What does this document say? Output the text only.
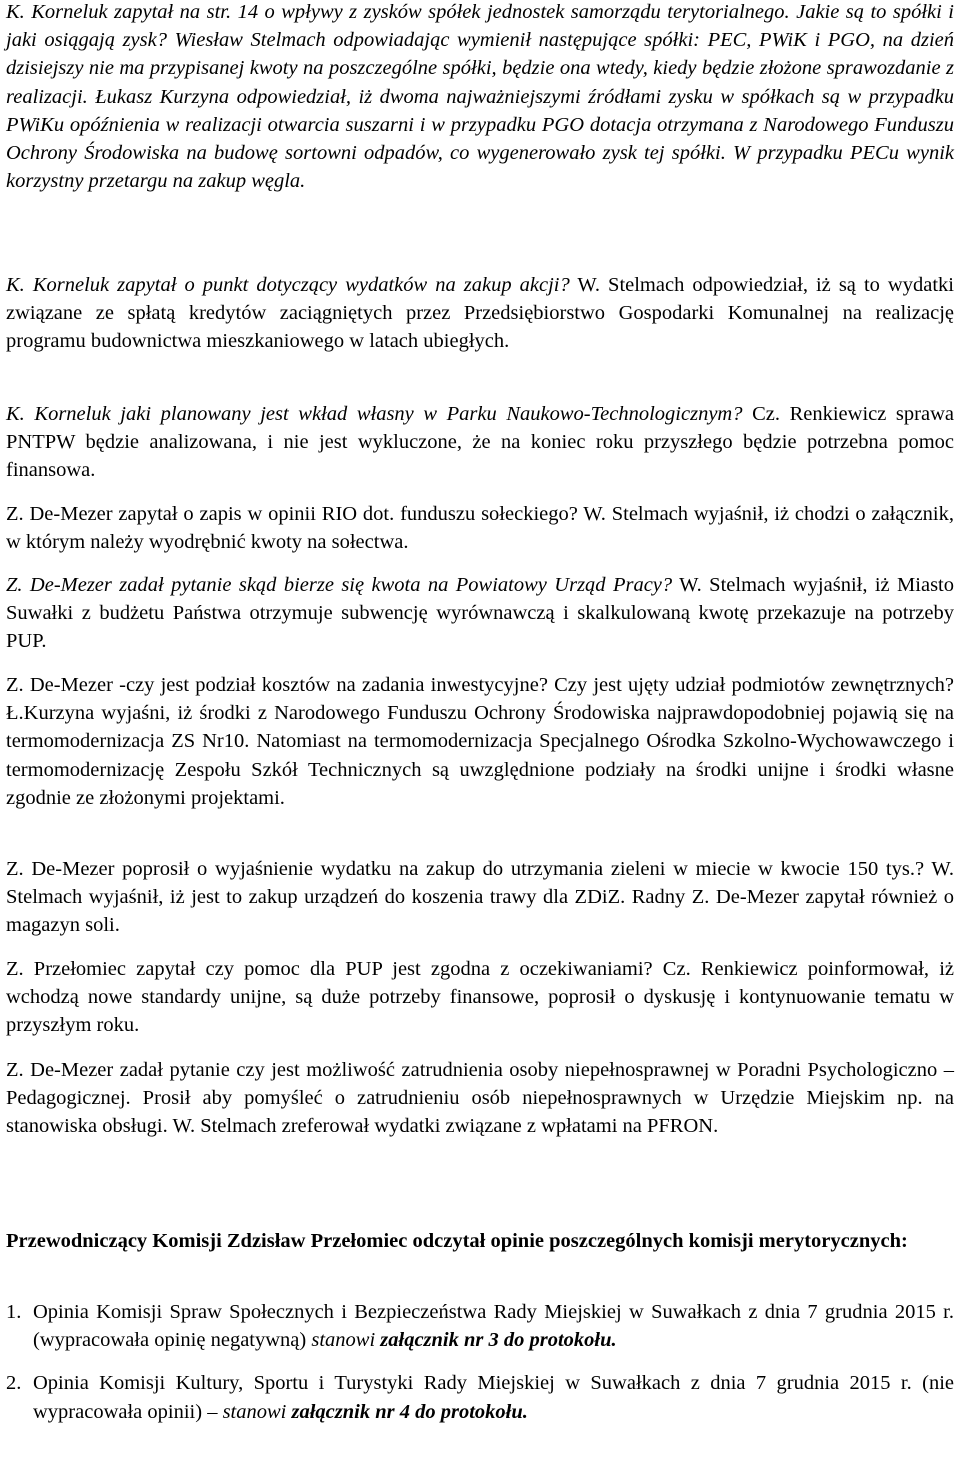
K. Korneluk zapytał na str. 14 o wpływy z zysków spółek jednostek samorządu terytorialnego. Jakie są to spółki i jaki osiągają zysk? Wiesław Stelmach odpowiadając wymienił następujące spółki: PEC, PWiK i PGO, na dzień dzisiejszy nie ma przypisanej kwoty na poszczególne spółki, będzie ona wtedy, kiedy będzie złożone sprawozdanie z realizacji. Łukasz Kurzyna odpowiedział, iż dwoma najważniejszymi źródłami zysku w spółkach są w przypadku PWiKu opóźnienia w realizacji otwarcia suszarni i w przypadku PGO dotacja otrzymana z Narodowego Funduszu Ochrony Środowiska na budowę sortowni odpadów, co wygenerowało zysk tej spółki. W przypadku PECu wynik korzystny przetargu na zakup węgla.

K. Korneluk zapytał o punkt dotyczący wydatków na zakup akcji? W. Stelmach odpowiedział, iż są to wydatki związane ze spłatą kredytów zaciągniętych przez Przedsiębiorstwo Gospodarki Komunalnej na realizację programu budownictwa mieszkaniowego w latach ubiegłych.

K. Korneluk jaki planowany jest wkład własny w Parku Naukowo-Technologicznym? Cz. Renkiewicz sprawa PNTPW będzie analizowana, i nie jest wykluczone, że na koniec roku przyszłego będzie potrzebna pomoc finansowa.

Z. De-Mezer zapytał o zapis w opinii RIO dot. funduszu sołeckiego? W. Stelmach wyjaśnił, iż chodzi o załącznik, w którym należy wyodrębnić kwoty na sołectwa.

Z. De-Mezer zadał pytanie skąd bierze się kwota na Powiatowy Urząd Pracy? W. Stelmach wyjaśnił, iż Miasto Suwałki z budżetu Państwa otrzymuje subwencję wyrównawczą i skalkulowaną kwotę przekazuje na potrzeby PUP.

Z. De-Mezer -czy jest podział kosztów na zadania inwestycyjne? Czy jest ujęty udział podmiotów zewnętrznych? Ł.Kurzyna wyjaśni, iż środki z Narodowego Funduszu Ochrony Środowiska najprawdopodobniej pojawią się na termomodernizacja ZS Nr10. Natomiast na termomodernizacja Specjalnego Ośrodka Szkolno-Wychowawczego i termomodernizację Zespołu Szkół Technicznych są uwzględnione podziały na środki unijne i środki własne zgodnie ze złożonymi projektami.

Z. De-Mezer poprosił o wyjaśnienie wydatku na zakup do utrzymania zieleni w miecie w kwocie 150 tys.? W. Stelmach wyjaśnił, iż jest to zakup urządzeń do koszenia trawy dla ZDiZ. Radny Z. De-Mezer zapytał również o magazyn soli.

Z. Przełomiec zapytał czy pomoc dla PUP jest zgodna z oczekiwaniami? Cz. Renkiewicz poinformował, iż wchodzą nowe standardy unijne, są duże potrzeby finansowe, poprosił o dyskusję i kontynuowanie tematu w przyszłym roku.

Z. De-Mezer zadał pytanie czy jest możliwość zatrudnienia osoby niepełnosprawnej w Poradni Psychologiczno – Pedagogicznej. Prosił aby pomyśleć o zatrudnieniu osób niepełnosprawnych w Urzędzie Miejskim np. na stanowiska obsługi. W. Stelmach zreferował wydatki związane z wpłatami na PFRON.

Przewodniczący Komisji Zdzisław Przełomiec odczytał opinie poszczególnych komisji merytorycznych:

1. Opinia Komisji Spraw Społecznych i Bezpieczeństwa Rady Miejskiej w Suwałkach z dnia 7 grudnia 2015 r. (wypracowała opinię negatywną) stanowi załącznik nr 3 do protokołu.
2. Opinia Komisji Kultury, Sportu i Turystyki Rady Miejskiej w Suwałkach z dnia 7 grudnia 2015 r. (nie wypracowała opinii) – stanowi załącznik nr 4 do protokołu.
